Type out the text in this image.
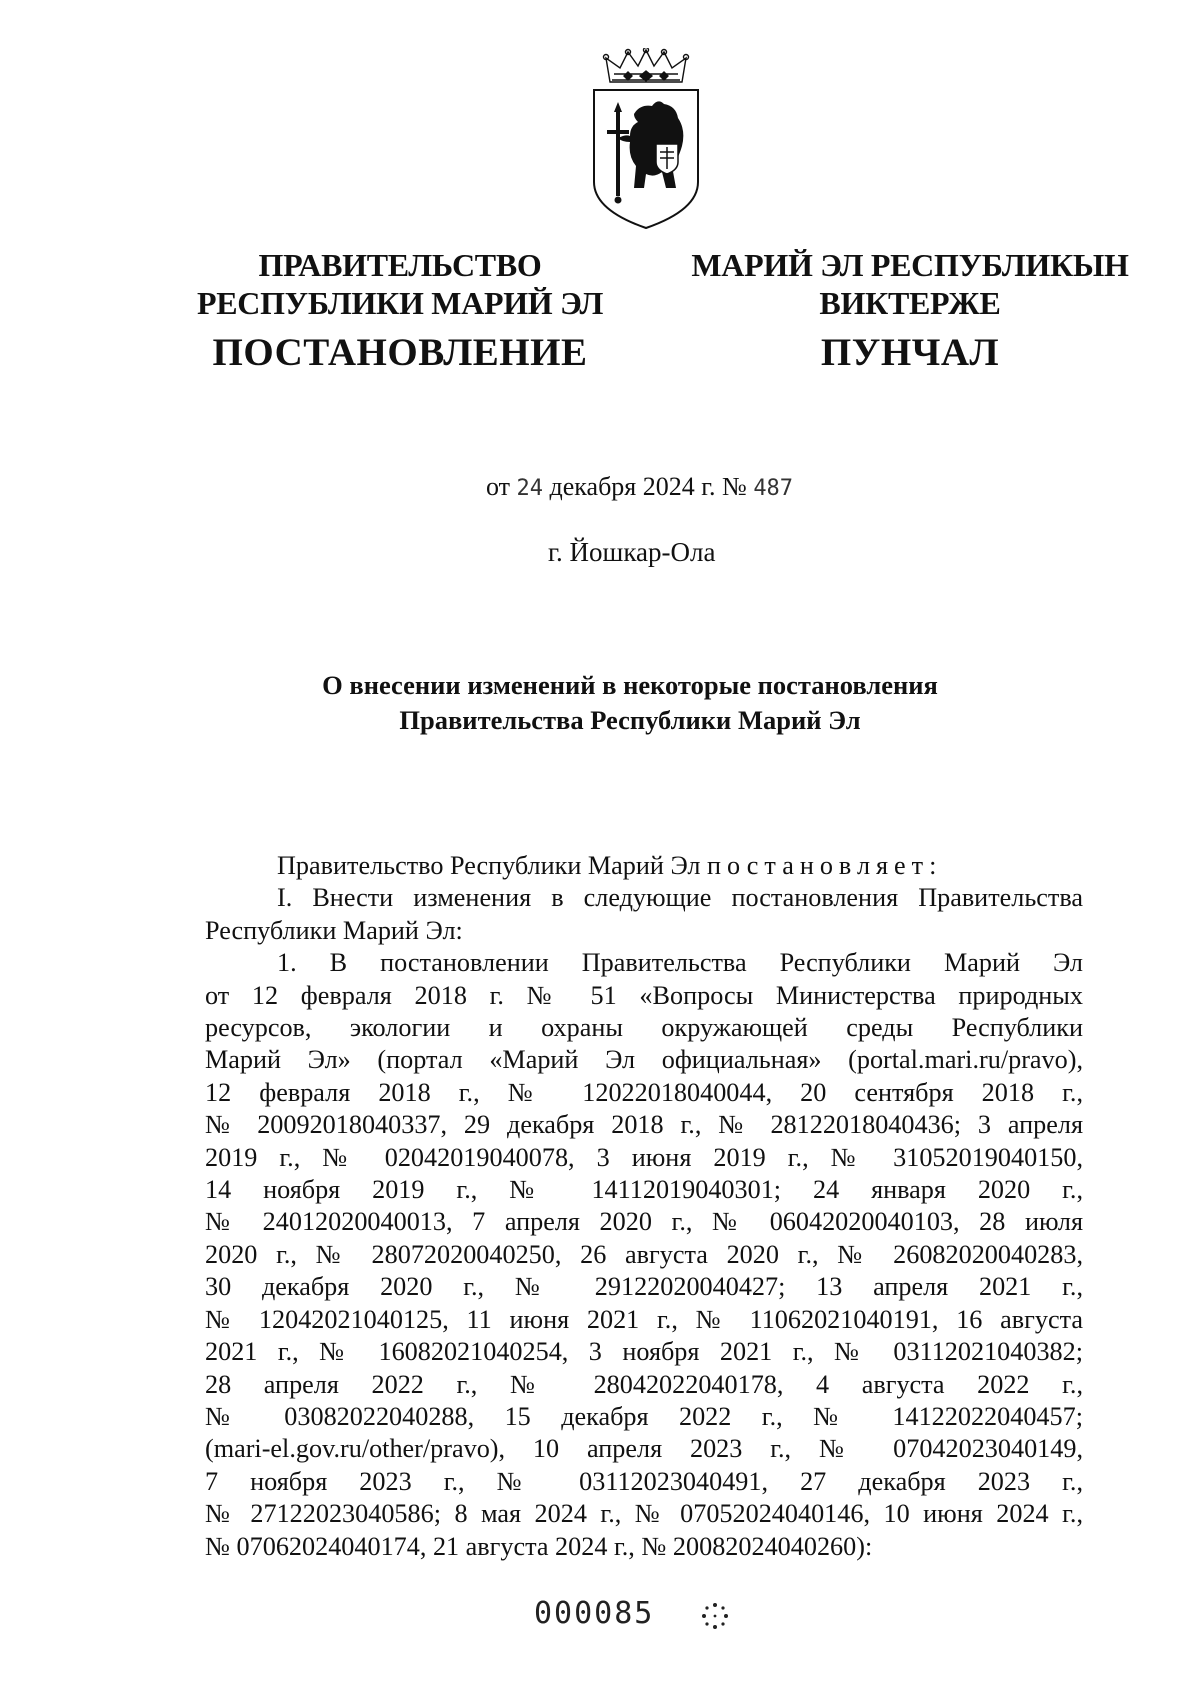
ПРАВИТЕЛЬСТВО
РЕСПУБЛИКИ МАРИЙ ЭЛ
ПОСТАНОВЛЕНИЕ
МАРИЙ ЭЛ РЕСПУБЛИКЫН
ВИКТЕРЖЕ
ПУНЧАЛ
от 24 декабря 2024 г. № 487
г. Йошкар-Ола
О внесении изменений в некоторые постановления
Правительства Республики Марий Эл

Правительство Республики Марий Эл постановляет:

I. Внести изменения в следующие постановления Правительства

Республики Марий Эл:

1. В постановлении Правительства Республики Марий Эл

от 12 февраля 2018 г. № 51 «Вопросы Министерства природных

ресурсов, экологии и охраны окружающей среды Республики

Марий Эл» (портал «Марий Эл официальная» (portal.mari.ru/pravo),

12 февраля 2018 г., № 12022018040044, 20 сентября 2018 г.,

№ 20092018040337, 29 декабря 2018 г., № 28122018040436; 3 апреля

2019 г., № 02042019040078, 3 июня 2019 г., № 31052019040150,

14 ноября 2019 г., № 14112019040301; 24 января 2020 г.,

№ 24012020040013, 7 апреля 2020 г., № 06042020040103, 28 июля

2020 г., № 28072020040250, 26 августа 2020 г., № 26082020040283,

30 декабря 2020 г., № 29122020040427; 13 апреля 2021 г.,

№ 12042021040125, 11 июня 2021 г., № 11062021040191, 16 августа

2021 г., № 16082021040254, 3 ноября 2021 г., № 03112021040382;

28 апреля 2022 г., № 28042022040178, 4 августа 2022 г.,

№ 03082022040288, 15 декабря 2022 г., № 14122022040457;

(mari-el.gov.ru/other/pravo), 10 апреля 2023 г., № 07042023040149,

7 ноября 2023 г., № 03112023040491, 27 декабря 2023 г.,

№ 27122023040586; 8 мая 2024 г., № 07052024040146, 10 июня 2024 г.,

№ 07062024040174, 21 августа 2024 г., № 20082024040260):

000085
